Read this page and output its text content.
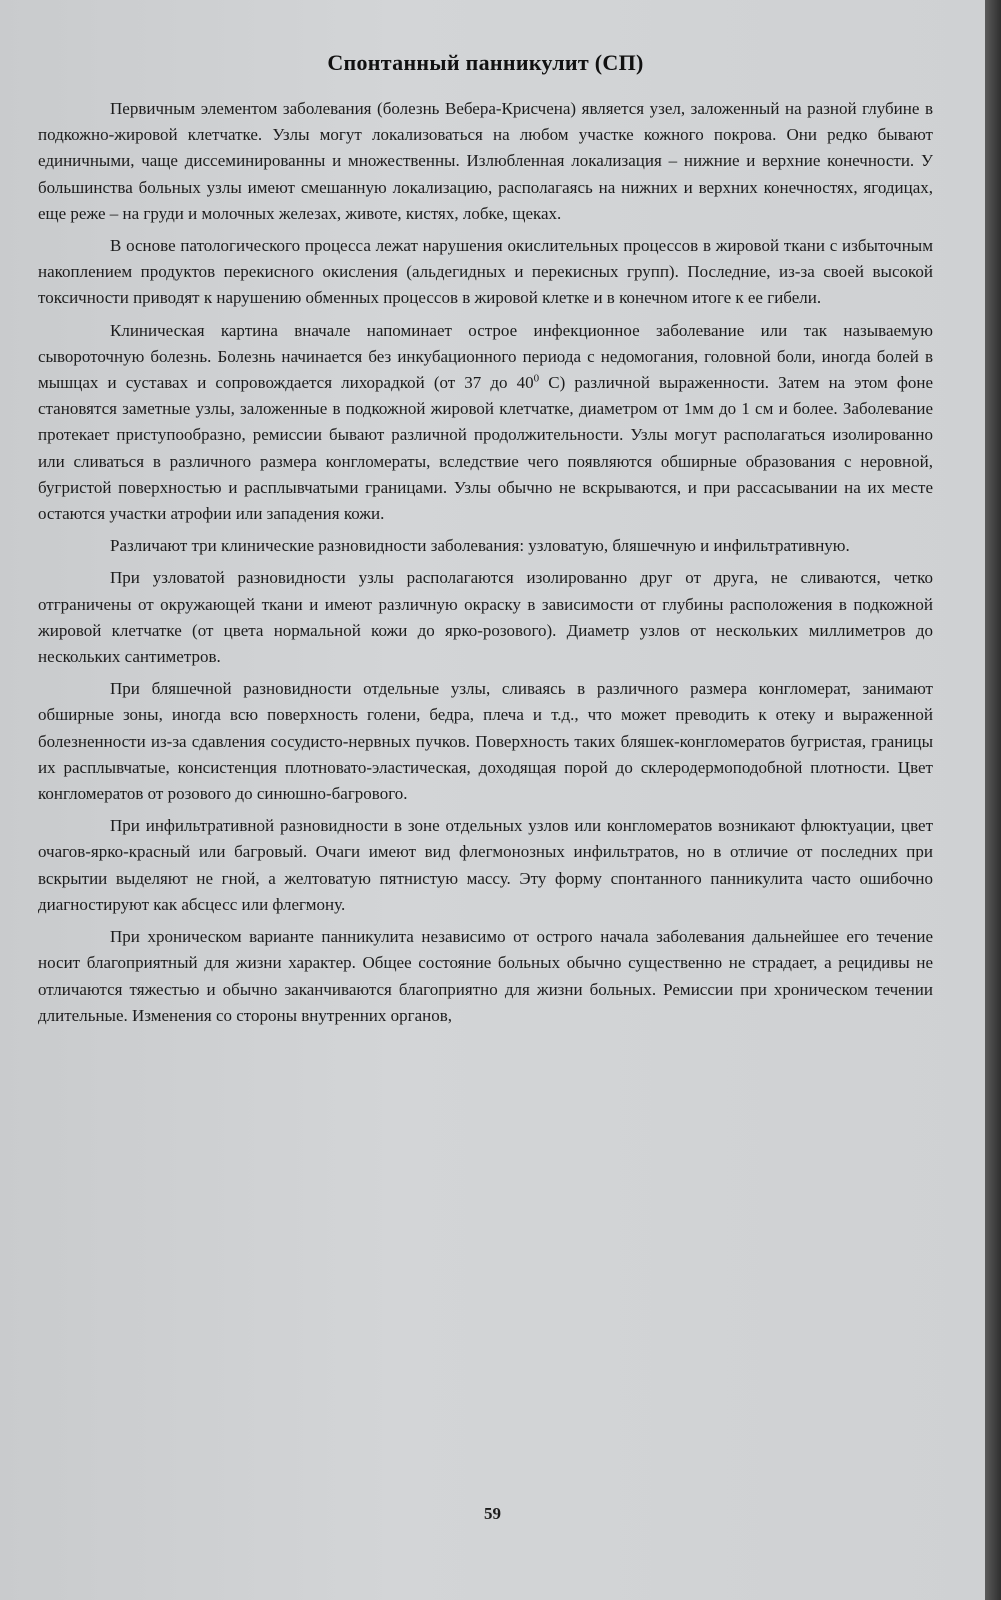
Спонтанный панникулит (СП)

Первичным элементом заболевания (болезнь Вебера-Крисчена) является узел, заложенный на разной глубине в подкожно-жировой клетчатке. Узлы могут локализоваться на любом участке кожного покрова. Они редко бывают единичными, чаще диссеминированны и множественны. Излюбленная локализация – нижние и верхние конечности. У большинства больных узлы имеют смешанную локализацию, располагаясь на нижних и верхних конечностях, ягодицах, еще реже – на груди и молочных железах, животе, кистях, лобке, щеках.

В основе патологического процесса лежат нарушения окислительных процессов в жировой ткани с избыточным накоплением продуктов перекисного окисления (альдегидных и перекисных групп). Последние, из-за своей высокой токсичности приводят к нарушению обменных процессов в жировой клетке и в конечном итоге к ее гибели.

Клиническая картина вначале напоминает острое инфекционное заболевание или так называемую сывороточную болезнь. Болезнь начинается без инкубационного периода с недомогания, головной боли, иногда болей в мышцах и суставах и сопровождается лихорадкой (от 37 до $40^0$ С) различной выраженности. Затем на этом фоне становятся заметные узлы, заложенные в подкожной жировой клетчатке, диаметром от 1мм до 1 см и более. Заболевание протекает приступообразно, ремиссии бывают различной продолжительности. Узлы могут располагаться изолированно или сливаться в различного размера конгломераты, вследствие чего появляются обширные образования с неровной, бугристой поверхностью и расплывчатыми границами. Узлы обычно не вскрываются, и при рассасывании на их месте остаются участки атрофии или западения кожи.

Различают три клинические разновидности заболевания: узловатую, бляшечную и инфильтративную.

При узловатой разновидности узлы располагаются изолированно друг от друга, не сливаются, четко отграничены от окружающей ткани и имеют различную окраску в зависимости от глубины расположения в подкожной жировой клетчатке (от цвета нормальной кожи до ярко-розового). Диаметр узлов от нескольких миллиметров до нескольких сантиметров.

При бляшечной разновидности отдельные узлы, сливаясь в различного размера конгломерат, занимают обширные зоны, иногда всю поверхность голени, бедра, плеча и т.д., что может преводить к отеку и выраженной болезненности из-за сдавления сосудисто-нервных пучков. Поверхность таких бляшек-конгломератов бугристая, границы их расплывчатые, консистенция плотновато-эластическая, доходящая порой до склеродермоподобной плотности. Цвет конгломератов от розового до синюшно-багрового.

При инфильтративной разновидности в зоне отдельных узлов или конгломератов возникают флюктуации, цвет очагов-ярко-красный или багровый. Очаги имеют вид флегмонозных инфильтратов, но в отличие от последних при вскрытии выделяют не гной, а желтоватую пятнистую массу. Эту форму спонтанного панникулита часто ошибочно диагностируют как абсцесс или флегмону.

При хроническом варианте панникулита независимо от острого начала заболевания дальнейшее его течение носит благоприятный для жизни характер. Общее состояние больных обычно существенно не страдает, а рецидивы не отличаются тяжестью и обычно заканчиваются благоприятно для жизни больных. Ремиссии при хроническом течении длительные. Изменения со стороны внутренних органов,

59
